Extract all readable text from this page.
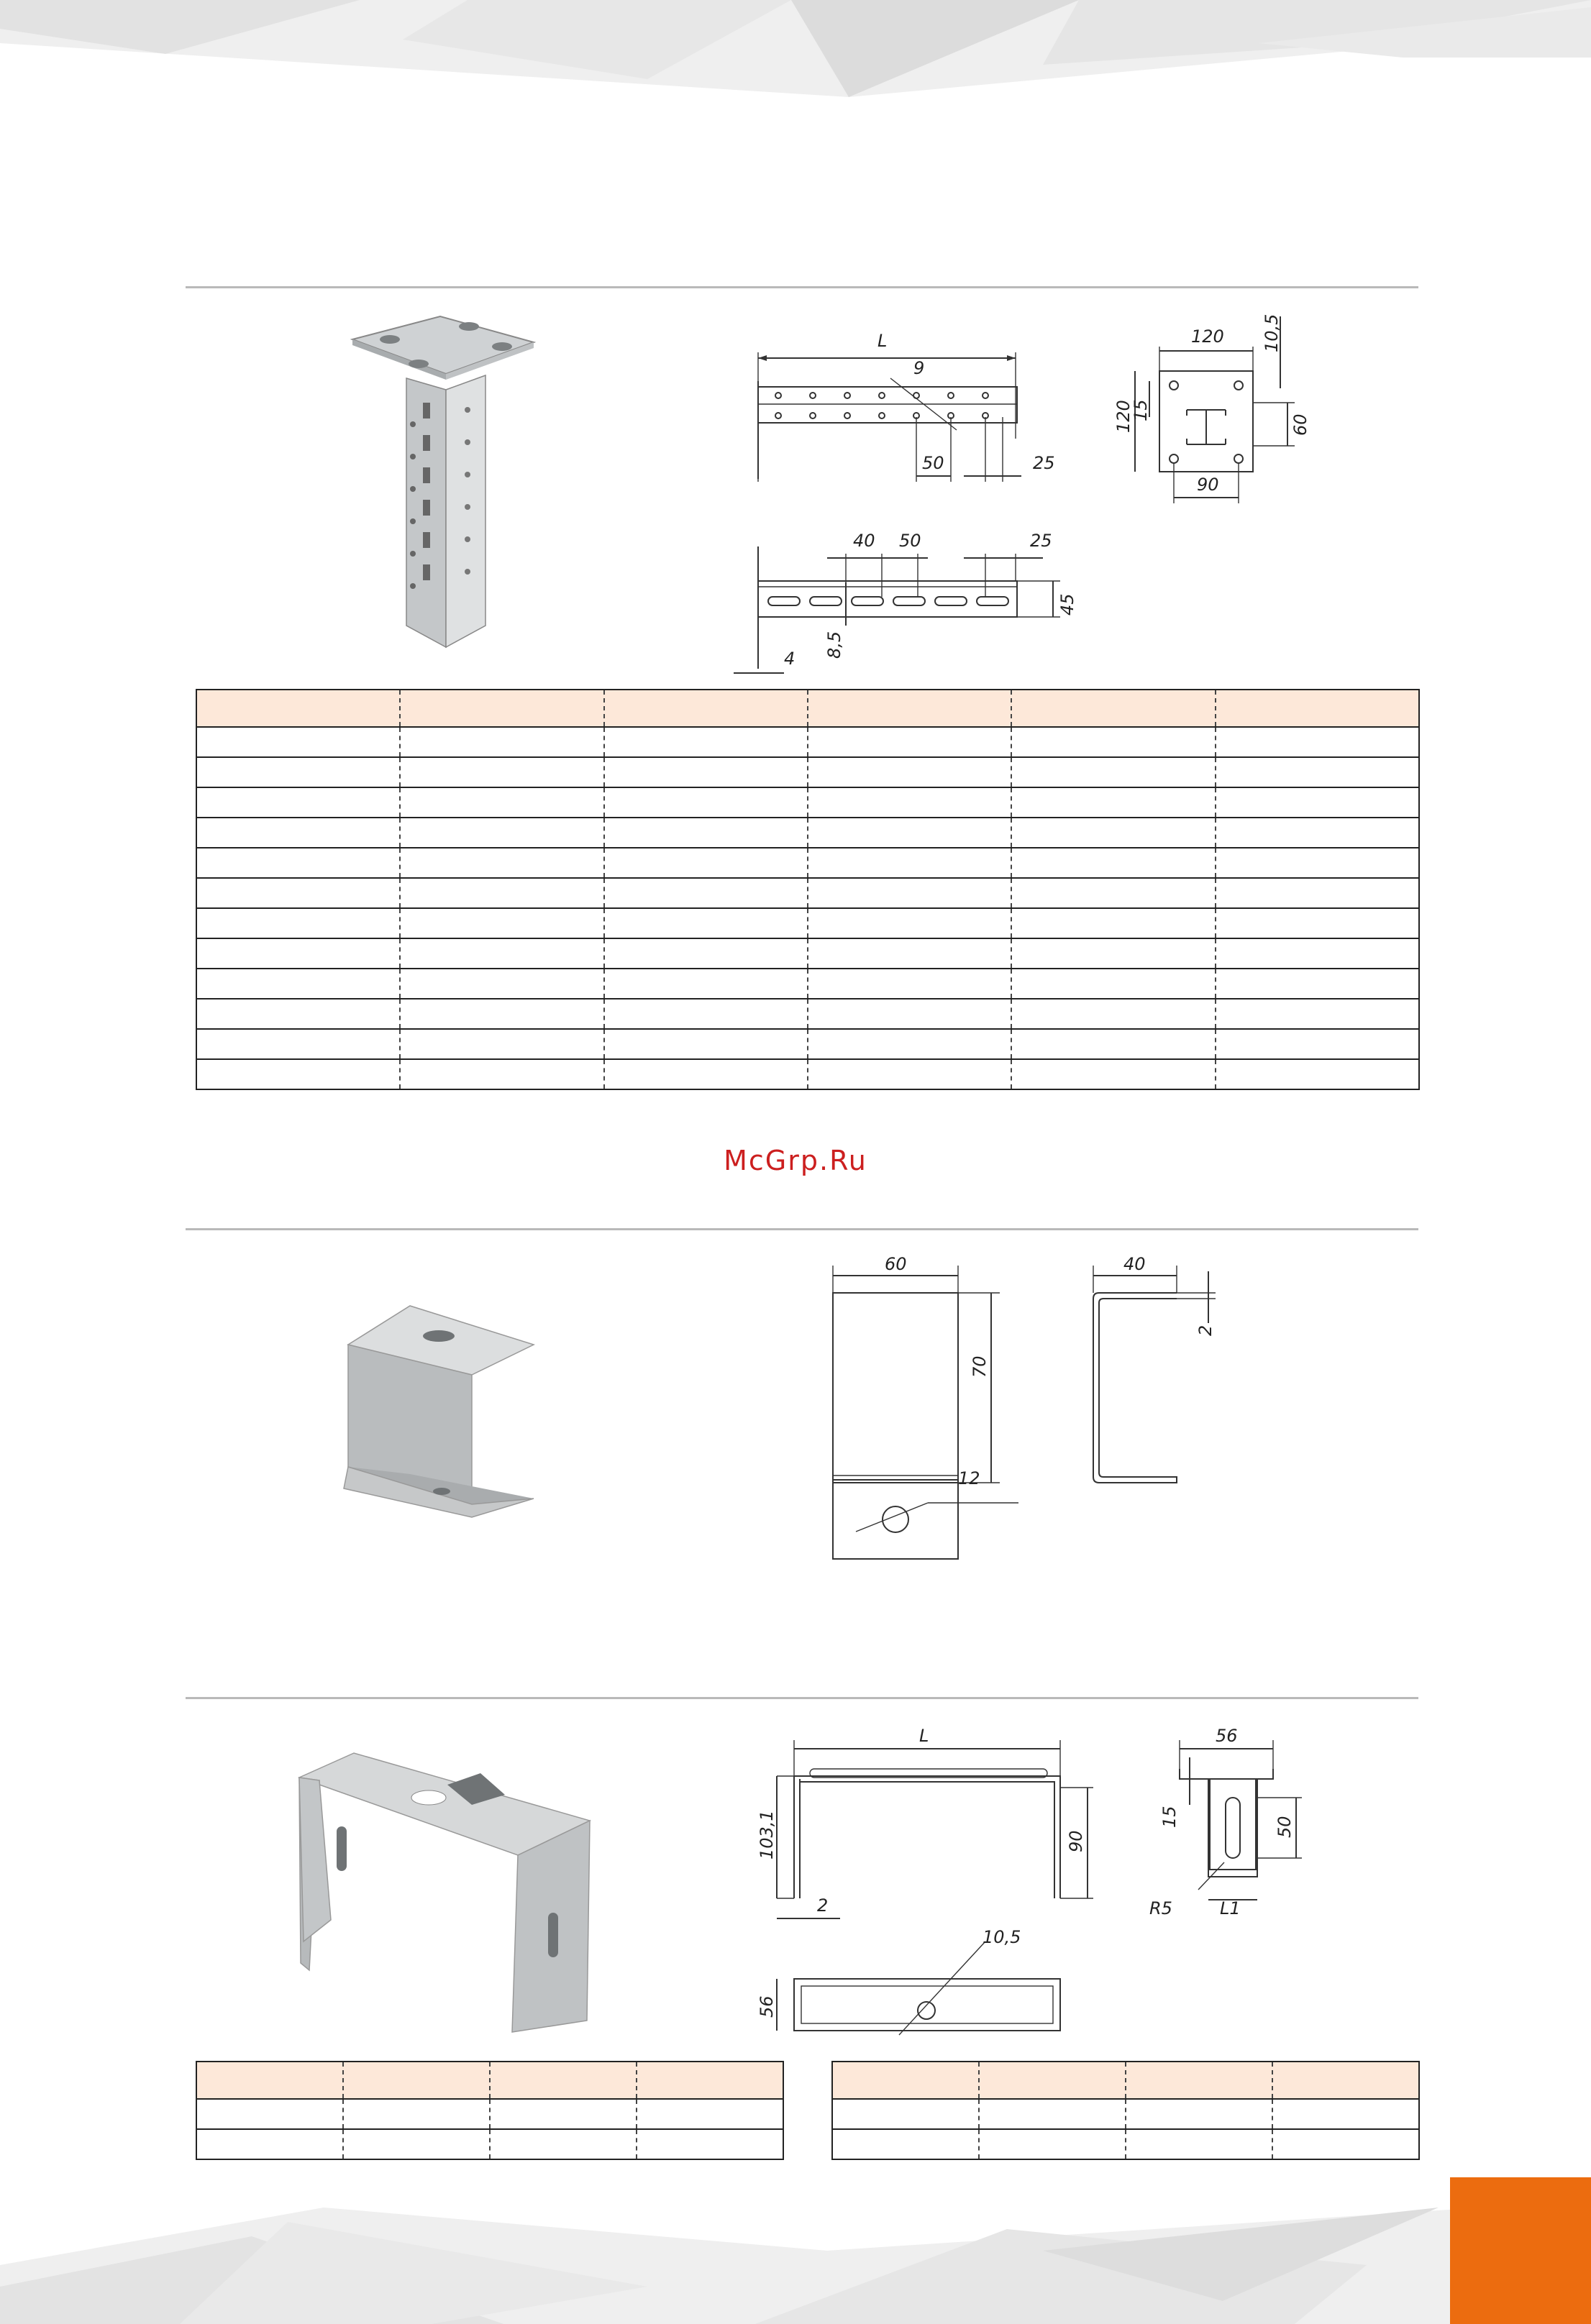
L
9
50	25
40 50	25
45
8,5
4
120
120
15
10,5
60
90

McGrp.Ru
60
70
40
2
12
L
103,1	90
2
56
15	50
R5	L1
10,5
56
